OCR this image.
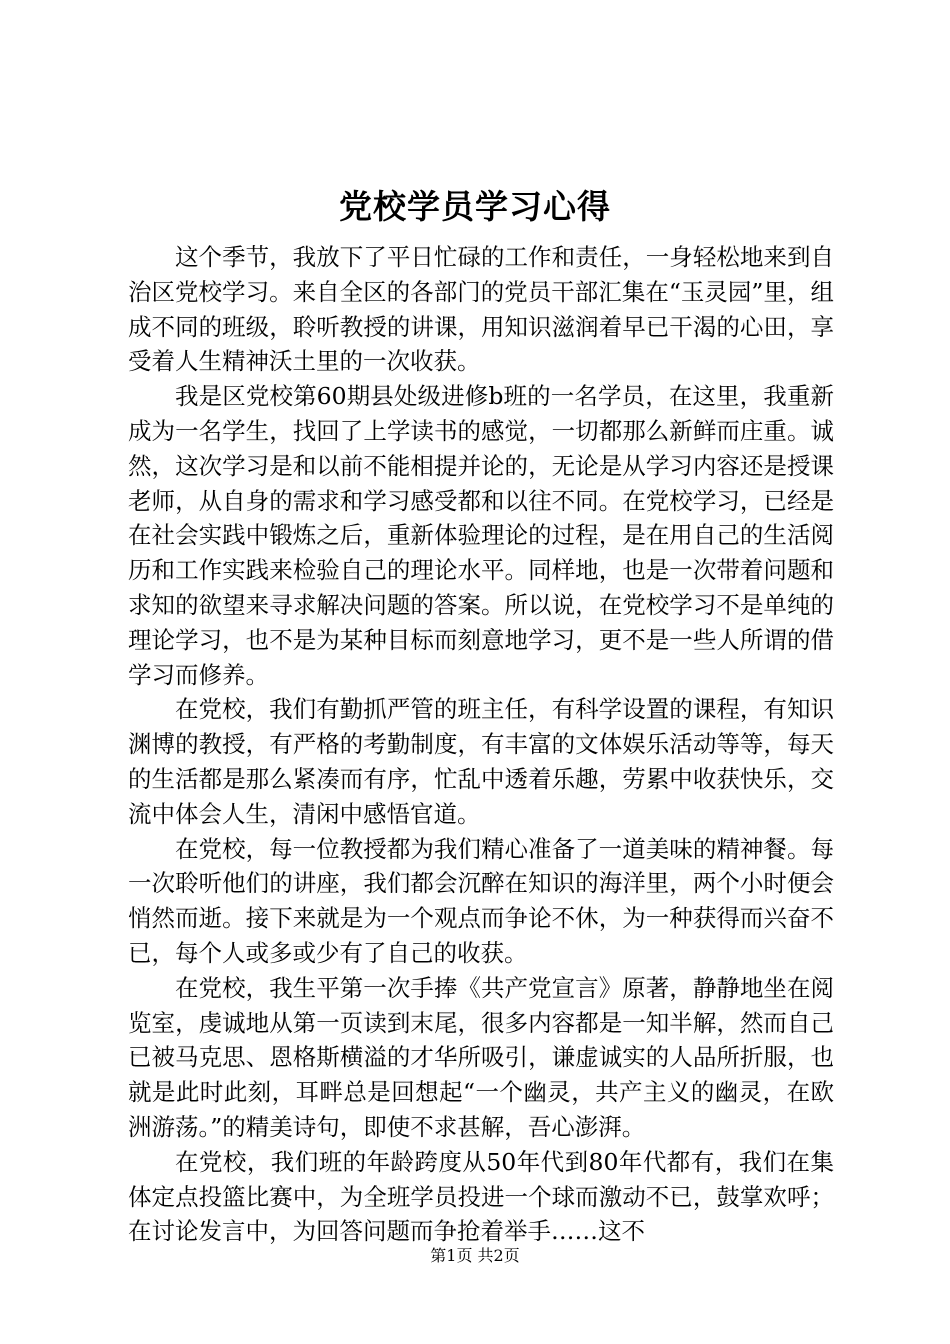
党校学员学习心得

这个季节，我放下了平日忙碌的工作和责任，一身轻松地来到自治区党校学习。来自全区的各部门的党员干部汇集在“玉灵园”里，组成不同的班级，聆听教授的讲课，用知识滋润着早已干渴的心田，享受着人生精神沃土里的一次收获。

我是区党校第60期县处级进修b班的一名学员，在这里，我重新成为一名学生，找回了上学读书的感觉，一切都那么新鲜而庄重。诚然，这次学习是和以前不能相提并论的，无论是从学习内容还是授课老师，从自身的需求和学习感受都和以往不同。在党校学习，已经是在社会实践中锻炼之后，重新体验理论的过程，是在用自己的生活阅历和工作实践来检验自己的理论水平。同样地，也是一次带着问题和求知的欲望来寻求解决问题的答案。所以说，在党校学习不是单纯的理论学习，也不是为某种目标而刻意地学习，更不是一些人所谓的借学习而修养。

在党校，我们有勤抓严管的班主任，有科学设置的课程，有知识渊博的教授，有严格的考勤制度，有丰富的文体娱乐活动等等，每天的生活都是那么紧凑而有序，忙乱中透着乐趣，劳累中收获快乐，交流中体会人生，清闲中感悟官道。

在党校，每一位教授都为我们精心准备了一道美味的精神餐。每一次聆听他们的讲座，我们都会沉醉在知识的海洋里，两个小时便会悄然而逝。接下来就是为一个观点而争论不休，为一种获得而兴奋不已，每个人或多或少有了自己的收获。

在党校，我生平第一次手捧《共产党宣言》原著，静静地坐在阅览室，虔诚地从第一页读到末尾，很多内容都是一知半解，然而自己已被马克思、恩格斯横溢的才华所吸引，谦虚诚实的人品所折服，也就是此时此刻，耳畔总是回想起“一个幽灵，共产主义的幽灵，在欧洲游荡。”的精美诗句，即使不求甚解，吾心澎湃。

在党校，我们班的年龄跨度从50年代到80年代都有，我们在集体定点投篮比赛中，为全班学员投进一个球而激动不已，鼓掌欢呼；在讨论发言中，为回答问题而争抢着举手……这不

第1页 共2页
